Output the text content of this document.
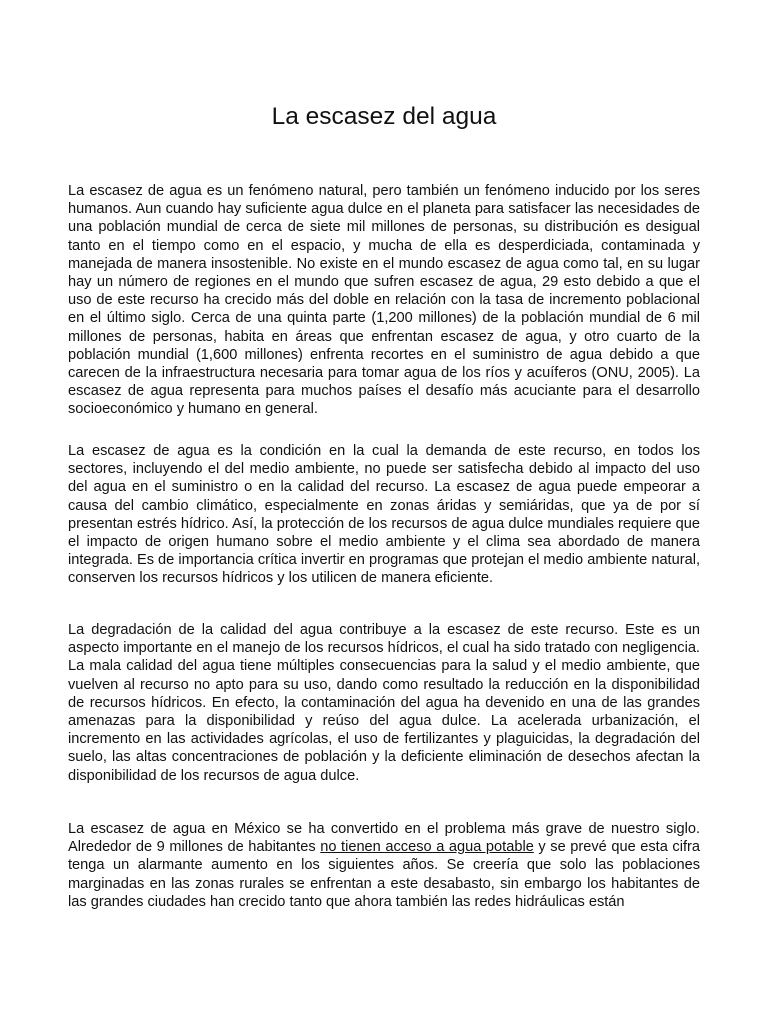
La escasez del agua

La escasez de agua es un fenómeno natural, pero también un fenómeno inducido por los seres humanos. Aun cuando hay suficiente agua dulce en el planeta para satisfacer las necesidades de una población mundial de cerca de siete mil millones de personas, su distribución es desigual tanto en el tiempo como en el espacio, y mucha de ella es desperdiciada, contaminada y manejada de manera insostenible. No existe en el mundo escasez de agua como tal, en su lugar hay un número de regiones en el mundo que sufren escasez de agua, 29 esto debido a que el uso de este recurso ha crecido más del doble en relación con la tasa de incremento poblacional en el último siglo. Cerca de una quinta parte (1,200 millones) de la población mundial de 6 mil millones de personas, habita en áreas que enfrentan escasez de agua, y otro cuarto de la población mundial (1,600 millones) enfrenta recortes en el suministro de agua debido a que carecen de la infraestructura necesaria para tomar agua de los ríos y acuíferos (ONU, 2005). La escasez de agua representa para muchos países el desafío más acuciante para el desarrollo socioeconómico y humano en general.

La escasez de agua es la condición en la cual la demanda de este recurso, en todos los sectores, incluyendo el del medio ambiente, no puede ser satisfecha debido al impacto del uso del agua en el suministro o en la calidad del recurso. La escasez de agua puede empeorar a causa del cambio climático, especialmente en zonas áridas y semiáridas, que ya de por sí presentan estrés hídrico. Así, la protección de los recursos de agua dulce mundiales requiere que el impacto de origen humano sobre el medio ambiente y el clima sea abordado de manera integrada. Es de importancia crítica invertir en programas que protejan el medio ambiente natural, conserven los recursos hídricos y los utilicen de manera eficiente.

La degradación de la calidad del agua contribuye a la escasez de este recurso. Este es un aspecto importante en el manejo de los recursos hídricos, el cual ha sido tratado con negligencia. La mala calidad del agua tiene múltiples consecuencias para la salud y el medio ambiente, que vuelven al recurso no apto para su uso, dando como resultado la reducción en la disponibilidad de recursos hídricos. En efecto, la contaminación del agua ha devenido en una de las grandes amenazas para la disponibilidad y reúso del agua dulce. La acelerada urbanización, el incremento en las actividades agrícolas, el uso de fertilizantes y plaguicidas, la degradación del suelo, las altas concentraciones de población y la deficiente eliminación de desechos afectan la disponibilidad de los recursos de agua dulce.

La escasez de agua en México se ha convertido en el problema más grave de nuestro siglo. Alrededor de 9 millones de habitantes no tienen acceso a agua potable y se prevé que esta cifra tenga un alarmante aumento en los siguientes años. Se creería que solo las poblaciones marginadas en las zonas rurales se enfrentan a este desabasto, sin embargo los habitantes de las grandes ciudades han crecido tanto que ahora también las redes hidráulicas están
